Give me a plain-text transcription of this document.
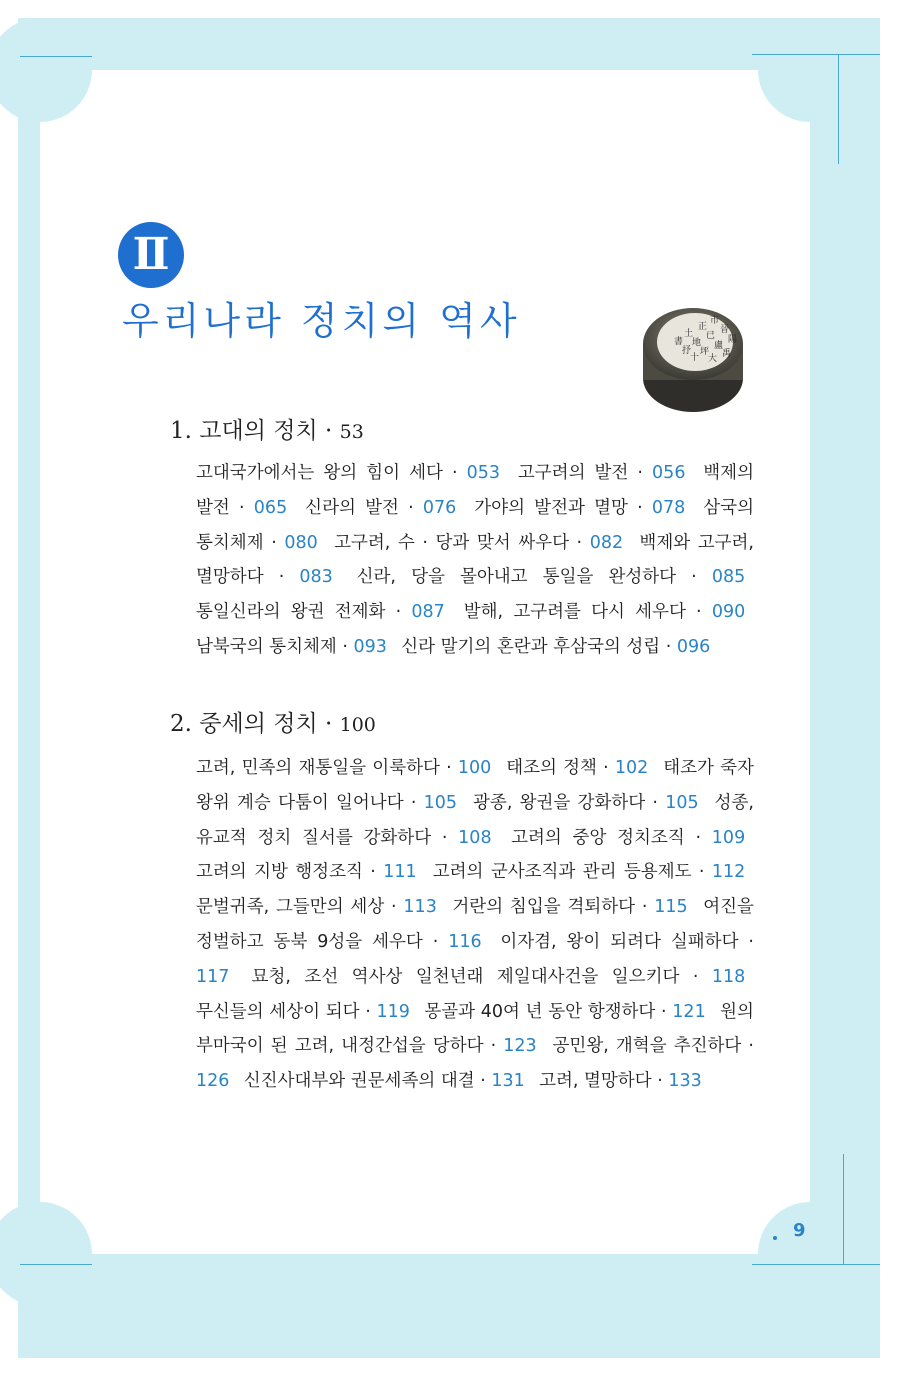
Ⅱ
우리나라 정치의 역사	市
晉
陽
正
已
盧
禹
土
地
坪
大
書
抒
十
1. 고대의 정치 · 53

고대국가에서는 왕의 힘이 세다 · 053  고구려의 발전 · 056  백제의 발전 · 065  신라의 발전 · 076  가야의 발전과 멸망 · 078  삼국의 통치체제 · 080  고구려, 수 · 당과 맞서 싸우다 · 082  백제와 고구려, 멸망하다 · 083  신라, 당을 몰아내고 통일을 완성하다 · 085  통일신라의 왕권 전제화 · 087  발해, 고구려를 다시 세우다 · 090  남북국의 통치체제 · 093  신라 말기의 혼란과 후삼국의 성립 · 096 

2. 중세의 정치 · 100

고려, 민족의 재통일을 이룩하다 · 100  태조의 정책 · 102  태조가 죽자 왕위 계승 다툼이 일어나다 · 105  광종, 왕권을 강화하다 · 105  성종, 유교적 정치 질서를 강화하다 · 108  고려의 중앙 정치조직 · 109  고려의 지방 행정조직 · 111  고려의 군사조직과 관리 등용제도 · 112  문벌귀족, 그들만의 세상 · 113  거란의 침입을 격퇴하다 · 115  여진을 정벌하고 동북 9성을 세우다 · 116  이자겸, 왕이 되려다 실패하다 · 117  묘청, 조선 역사상 일천년래 제일대사건을 일으키다 · 118  무신들의 세상이 되다 · 119  몽골과 40여 년 동안 항쟁하다 · 121  원의 부마국이 된 고려, 내정간섭을 당하다 · 123  공민왕, 개혁을 추진하다 · 126  신진사대부와 권문세족의 대결 · 131  고려, 멸망하다 · 133 

9
